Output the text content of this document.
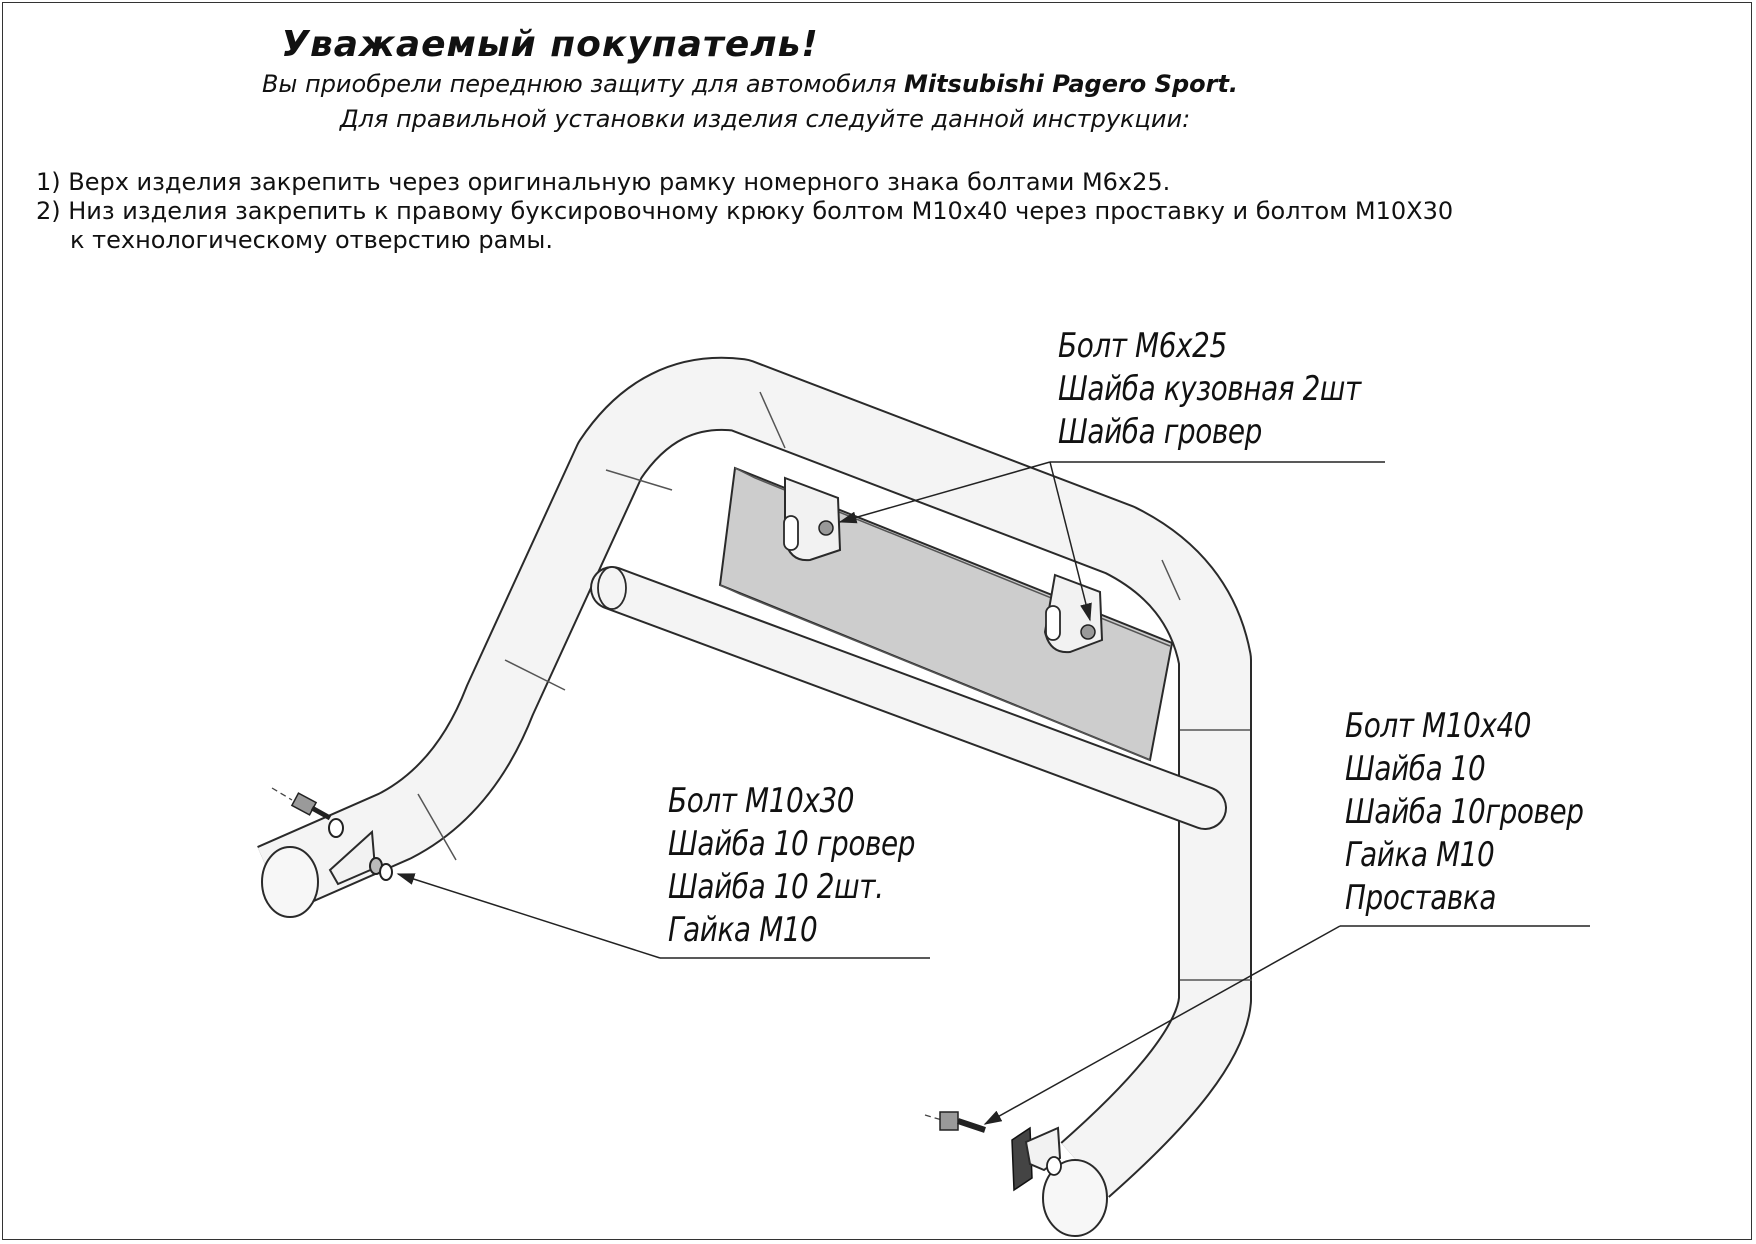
Уважаемый покупатель!
Вы приобрели переднюю защиту для автомобиля Mitsubishi Pagero Sport.
Для правильной установки изделия следуйте данной инструкции:
1) Верх изделия закрепить через оригинальную рамку номерного знака болтами М6х25.
2) Низ изделия закрепить к правому буксировочному крюку болтом М10х40 через проставку и болтом М10Х30
к технологическому отверстию рамы.
Болт М6х25
Шайба кузовная 2шт
Шайба гровер
Болт М10х40
Шайба 10
Шайба 10гровер
Гайка М10
Проставка
Болт М10х30
Шайба 10 гровер
Шайба 10 2шт.
Гайка М10
